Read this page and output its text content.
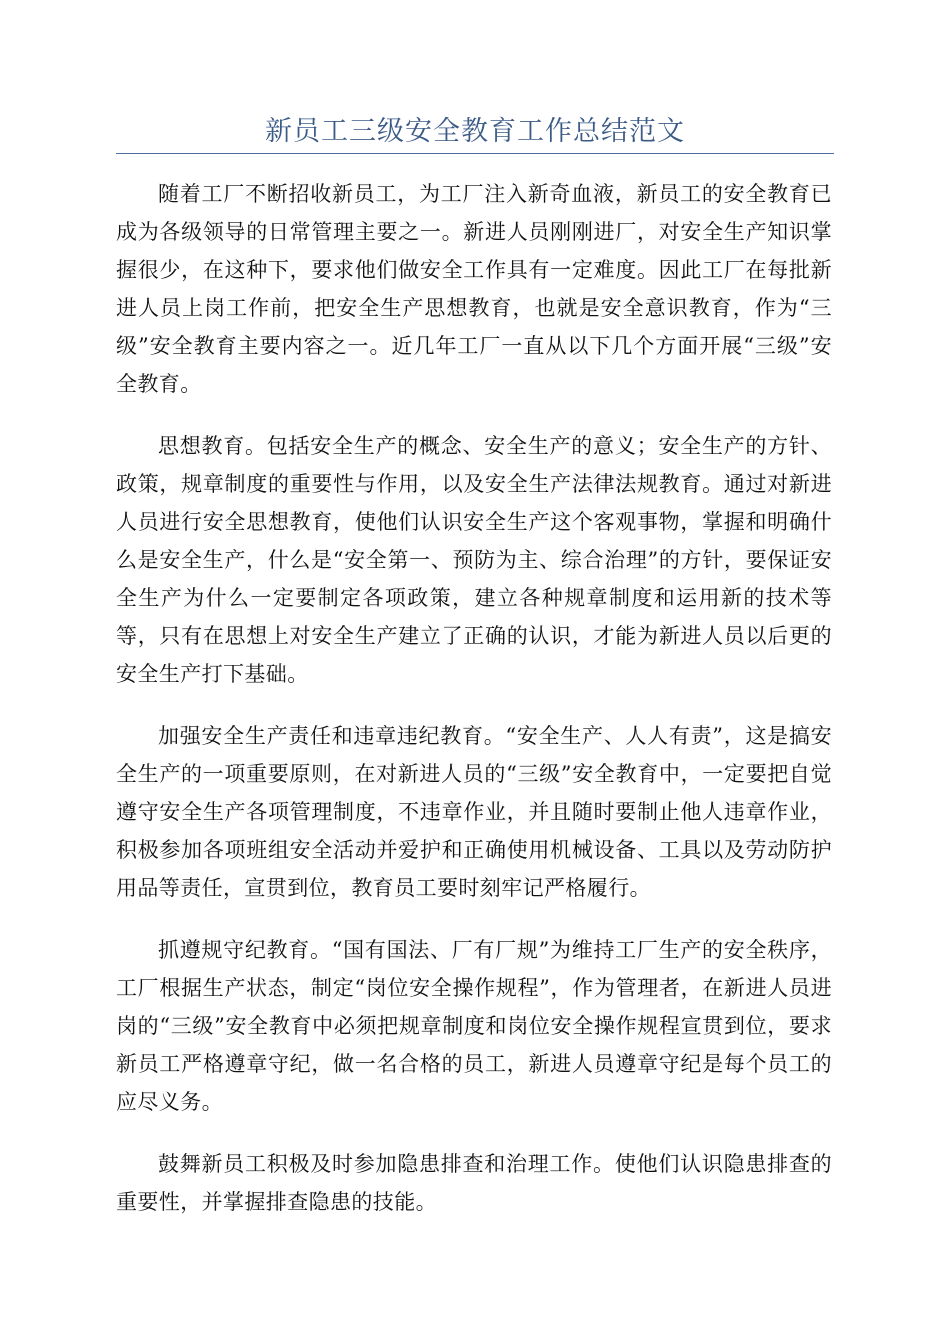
新员工三级安全教育工作总结范文

随着工厂不断招收新员工，为工厂注入新奇血液，新员工的安全教育已成为各级领导的日常管理主要之一。新进人员刚刚进厂，对安全生产知识掌握很少，在这种下，要求他们做安全工作具有一定难度。因此工厂在每批新进人员上岗工作前，把安全生产思想教育，也就是安全意识教育，作为“三级”安全教育主要内容之一。近几年工厂一直从以下几个方面开展“三级”安全教育。

思想教育。包括安全生产的概念、安全生产的意义；安全生产的方针、政策，规章制度的重要性与作用，以及安全生产法律法规教育。通过对新进人员进行安全思想教育，使他们认识安全生产这个客观事物，掌握和明确什么是安全生产，什么是“安全第一、预防为主、综合治理”的方针，要保证安全生产为什么一定要制定各项政策，建立各种规章制度和运用新的技术等等，只有在思想上对安全生产建立了正确的认识，才能为新进人员以后更的安全生产打下基础。

加强安全生产责任和违章违纪教育。“安全生产、人人有责”，这是搞安全生产的一项重要原则，在对新进人员的“三级”安全教育中，一定要把自觉遵守安全生产各项管理制度，不违章作业，并且随时要制止他人违章作业，积极参加各项班组安全活动并爱护和正确使用机械设备、工具以及劳动防护用品等责任，宣贯到位，教育员工要时刻牢记严格履行。

抓遵规守纪教育。“国有国法、厂有厂规”为维持工厂生产的安全秩序，工厂根据生产状态，制定“岗位安全操作规程”，作为管理者，在新进人员进岗的“三级”安全教育中必须把规章制度和岗位安全操作规程宣贯到位，要求新员工严格遵章守纪，做一名合格的员工，新进人员遵章守纪是每个员工的应尽义务。

鼓舞新员工积极及时参加隐患排查和治理工作。使他们认识隐患排查的重要性，并掌握排查隐患的技能。
